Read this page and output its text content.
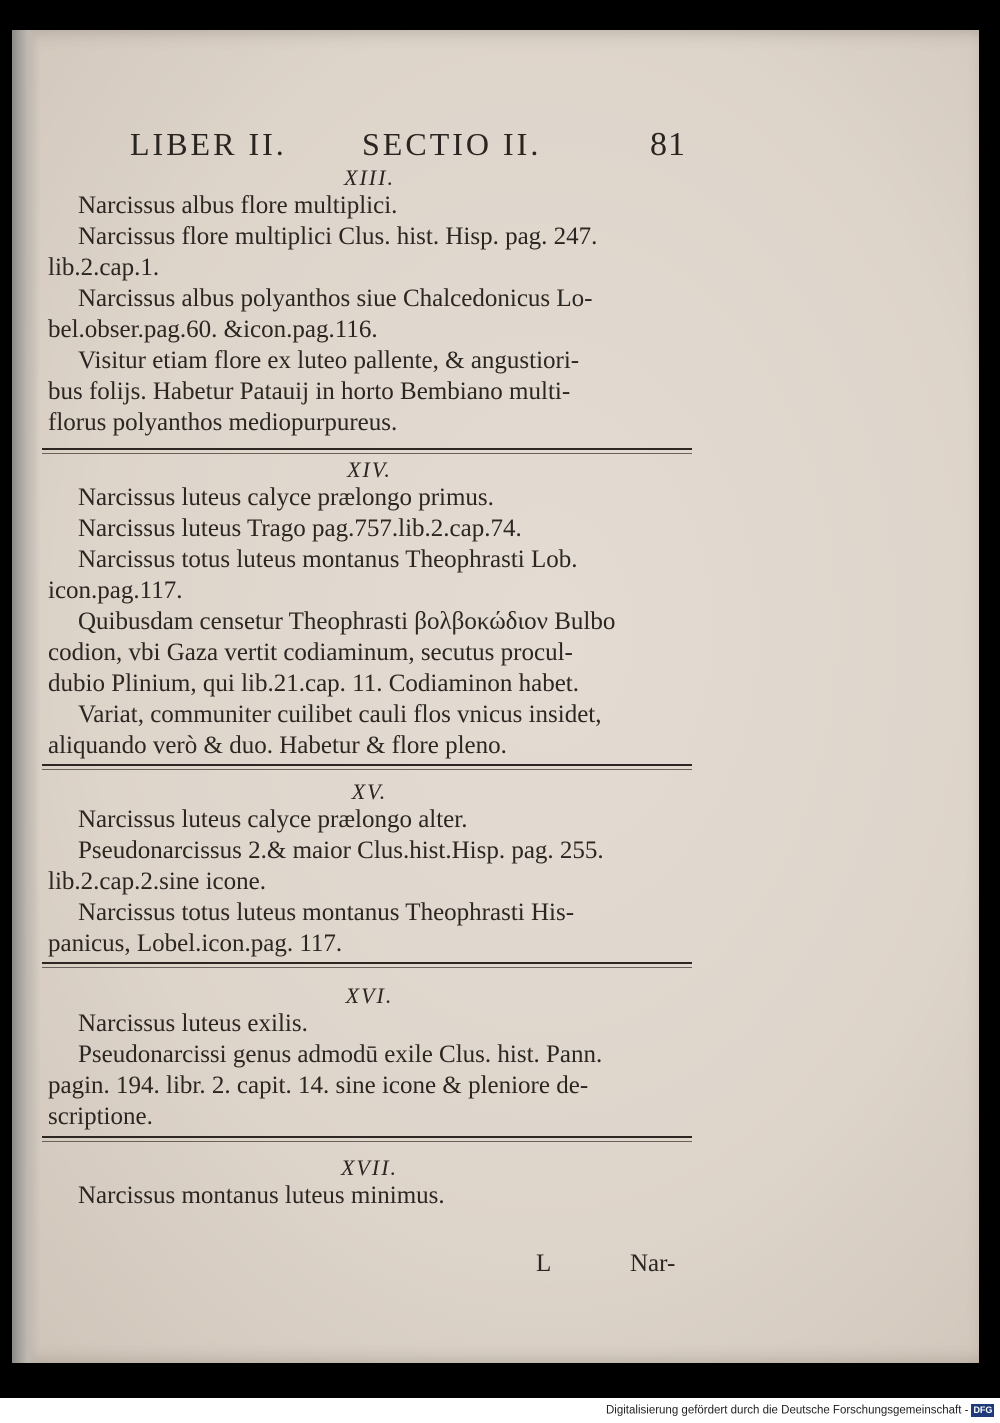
LIBER II. SECTIO II.	81
XIII.
Narcissus albus flore multiplici.
Narcissus flore multiplici Clus. hist. Hisp. pag. 247.
lib.2.cap.1.
Narcissus albus polyanthos siue Chalcedonicus Lo-
bel.obser.pag.60. &icon.pag.116.
Visitur etiam flore ex luteo pallente, & angustiori-
bus folijs. Habetur Patauij in horto Bembiano multi-
florus polyanthos mediopurpureus.
XIV.
Narcissus luteus calyce prælongo primus.
Narcissus luteus Trago pag.757.lib.2.cap.74.
Narcissus totus luteus montanus Theophrasti Lob.
icon.pag.117.
Quibusdam censetur Theophrasti βολβοκώδιον Bulbo
codion, vbi Gaza vertit codiaminum, secutus procul-
dubio Plinium, qui lib.21.cap. 11. Codiaminon habet.
Variat, communiter cuilibet cauli flos vnicus insidet,
aliquando verò & duo. Habetur & flore pleno.
XV.
Narcissus luteus calyce prælongo alter.
Pseudonarcissus 2.& maior Clus.hist.Hisp. pag. 255.
lib.2.cap.2.sine icone.
Narcissus totus luteus montanus Theophrasti His-
panicus, Lobel.icon.pag. 117.
XVI.
Narcissus luteus exilis.
Pseudonarcissi genus admodū exile Clus. hist. Pann.
pagin. 194. libr. 2. capit. 14. sine icone & pleniore de-
scriptione.
XVII.
Narcissus montanus luteus minimus.
L	Nar-
Digitalisierung gefördert durch die Deutsche Forschungsgemeinschaft - DFG
